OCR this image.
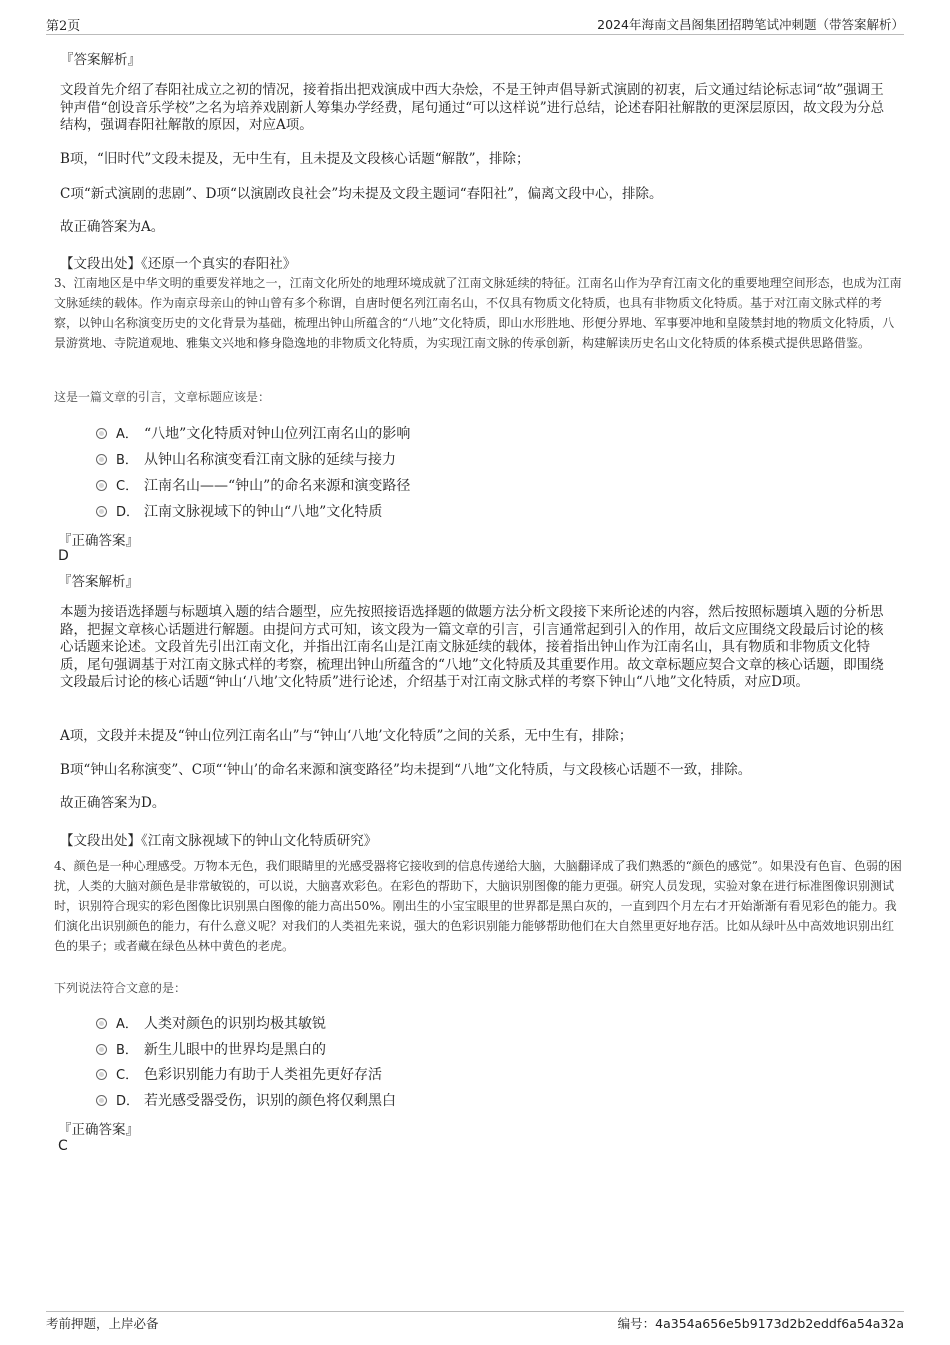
第2页	2024年海南文昌阁集团招聘笔试冲刺题（带答案解析）

『答案解析』

文段首先介绍了春阳社成立之初的情况，接着指出把戏演成中西大杂烩，不是王钟声倡导新式演剧的初衷，后文通过结论标志词“故”强调王钟声借“创设音乐学校”之名为培养戏剧新人筹集办学经费，尾句通过“可以这样说”进行总结，论述春阳社解散的更深层原因，故文段为分总结构，强调春阳社解散的原因，对应A项。

B项，“旧时代”文段未提及，无中生有，且未提及文段核心话题“解散”，排除；

C项“新式演剧的悲剧”、D项“以演剧改良社会”均未提及文段主题词“春阳社”，偏离文段中心，排除。

故正确答案为A。

【文段出处】《还原一个真实的春阳社》

3、江南地区是中华文明的重要发祥地之一，江南文化所处的地理环境成就了江南文脉延续的特征。江南名山作为孕育江南文化的重要地理空间形态，也成为江南文脉延续的载体。作为南京母亲山的钟山曾有多个称谓，自唐时便名列江南名山，不仅具有物质文化特质，也具有非物质文化特质。基于对江南文脉式样的考察，以钟山名称演变历史的文化背景为基础，梳理出钟山所蕴含的“八地”文化特质，即山水形胜地、形便分界地、军事要冲地和皇陵禁封地的物质文化特质，八景游赏地、寺院道观地、雅集文兴地和修身隐逸地的非物质文化特质，为实现江南文脉的传承创新，构建解读历史名山文化特质的体系模式提供思路借鉴。

这是一篇文章的引言，文章标题应该是：

A． “八地”文化特质对钟山位列江南名山的影响
B． 从钟山名称演变看江南文脉的延续与接力
C． 江南名山——“钟山”的命名来源和演变路径
D． 江南文脉视域下的钟山“八地”文化特质

『正确答案』

D

『答案解析』

本题为接语选择题与标题填入题的结合题型，应先按照接语选择题的做题方法分析文段接下来所论述的内容，然后按照标题填入题的分析思路，把握文章核心话题进行解题。由提问方式可知，该文段为一篇文章的引言，引言通常起到引入的作用，故后文应围绕文段最后讨论的核心话题来论述。文段首先引出江南文化，并指出江南名山是江南文脉延续的载体，接着指出钟山作为江南名山，具有物质和非物质文化特质，尾句强调基于对江南文脉式样的考察，梳理出钟山所蕴含的“八地”文化特质及其重要作用。故文章标题应契合文章的核心话题，即围绕文段最后讨论的核心话题“钟山‘八地’文化特质”进行论述，介绍基于对江南文脉式样的考察下钟山“八地”文化特质，对应D项。

A项，文段并未提及“钟山位列江南名山”与“钟山‘八地’文化特质”之间的关系，无中生有，排除；

B项“钟山名称演变”、C项“‘钟山’的命名来源和演变路径”均未提到“八地”文化特质，与文段核心话题不一致，排除。

故正确答案为D。

【文段出处】《江南文脉视域下的钟山文化特质研究》

4、颜色是一种心理感受。万物本无色，我们眼睛里的光感受器将它接收到的信息传递给大脑，大脑翻译成了我们熟悉的“颜色的感觉”。如果没有色盲、色弱的困扰，人类的大脑对颜色是非常敏锐的，可以说，大脑喜欢彩色。在彩色的帮助下，大脑识别图像的能力更强。研究人员发现，实验对象在进行标准图像识别测试时，识别符合现实的彩色图像比识别黑白图像的能力高出50%。刚出生的小宝宝眼里的世界都是黑白灰的，一直到四个月左右才开始渐渐有看见彩色的能力。我们演化出识别颜色的能力，有什么意义呢？对我们的人类祖先来说，强大的色彩识别能力能够帮助他们在大自然里更好地存活。比如从绿叶丛中高效地识别出红色的果子；或者藏在绿色丛林中黄色的老虎。

下列说法符合文意的是：

A． 人类对颜色的识别均极其敏锐
B． 新生儿眼中的世界均是黑白的
C． 色彩识别能力有助于人类祖先更好存活
D． 若光感受器受伤，识别的颜色将仅剩黑白

『正确答案』

C

考前押题，上岸必备	编号：4a354a656e5b9173d2b2eddf6a54a32a
